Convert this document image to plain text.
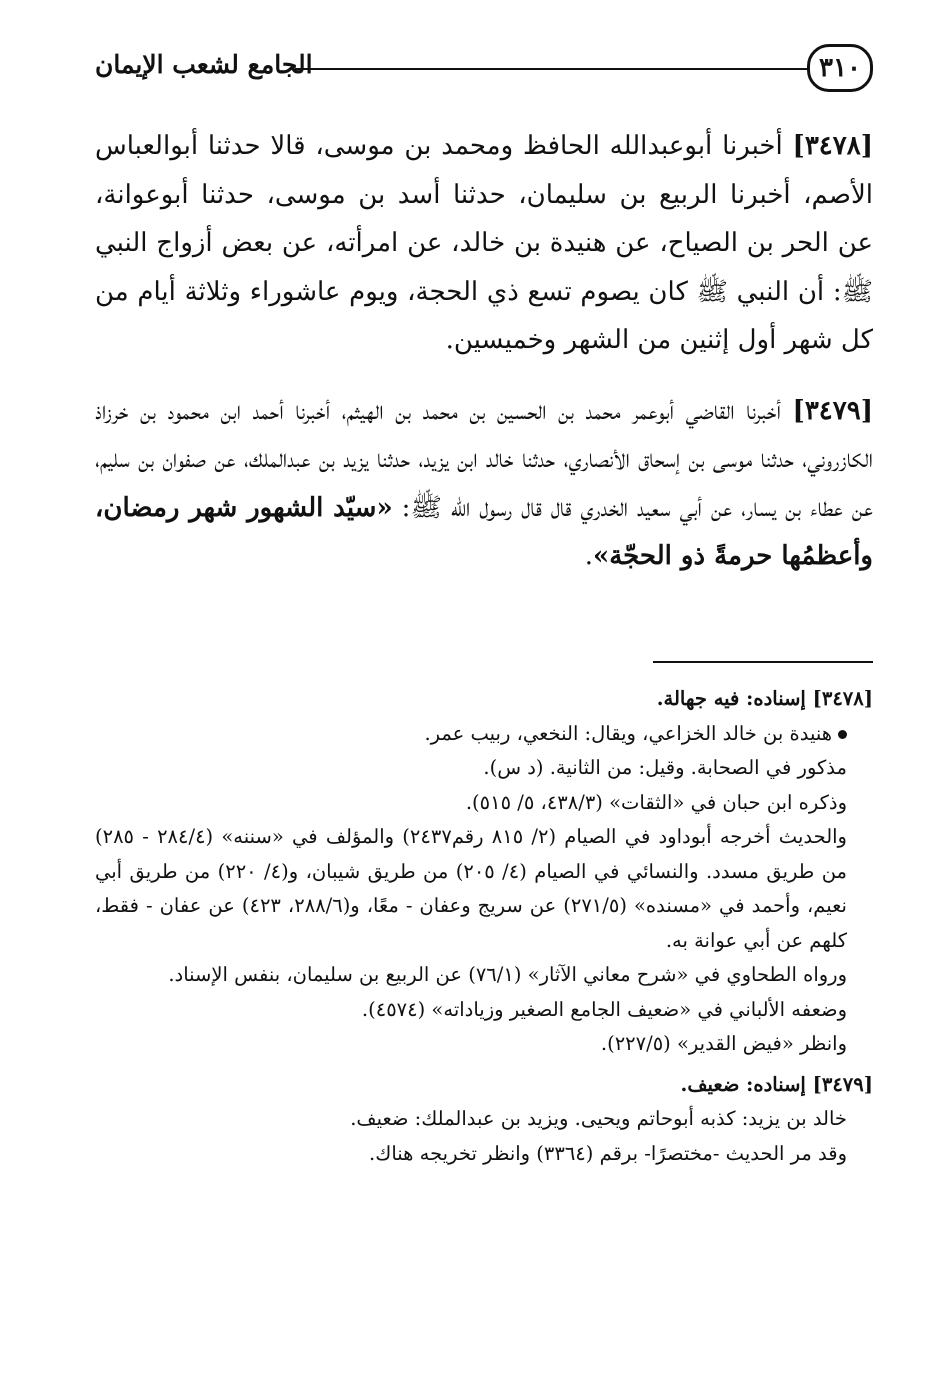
٣١٠
الجامع لشعب الإيمان

[٣٤٧٨] أخبرنا أبوعبدالله الحافظ ومحمد بن موسى، قالا حدثنا أبوالعباس الأصم، أخبرنا الربيع بن سليمان، حدثنا أسد بن موسى، حدثنا أبوعوانة، عن الحر بن الصياح، عن هنيدة بن خالد، عن امرأته، عن بعض أزواج النبي ﷺ: أن النبي ﷺ كان يصوم تسع ذي الحجة، ويوم عاشوراء وثلاثة أيام من كل شهر أول إثنين من الشهر وخميسين.

[٣٤٧٩] أخبرنا القاضي أبوعمر محمد بن الحسين بن محمد بن الهيثم، أخبرنا أحمد ابن محمود بن خرزاذ الكازروني، حدثنا موسى بن إسحاق الأنصاري، حدثنا خالد ابن يزيد، حدثنا يزيد بن عبدالملك، عن صفوان بن سليم، عن عطاء بن يسار، عن أبي سعيد الخدري قال قال رسول الله ﷺ: «سيّد الشهور شهر رمضان، وأعظمُها حرمةً ذو الحجّة».

[٣٤٧٨] إسناده: فيه جهالة.

هنيدة بن خالد الخزاعي، ويقال: النخعي، ربيب عمر.

مذكور في الصحابة. وقيل: من الثانية. (د س).

وذكره ابن حبان في «الثقات» (٤٣٨/٣، ٥/ ٥١٥).

والحديث أخرجه أبوداود في الصيام (٢/ ٨١٥ رقم٢٤٣٧) والمؤلف في «سننه» (٢٨٤/٤ - ٢٨٥) من طريق مسدد. والنسائي في الصيام (٤/ ٢٠٥) من طريق شيبان، و(٤/ ٢٢٠) من طريق أبي نعيم، وأحمد في «مسنده» (٢٧١/٥) عن سريج وعفان - معًا، و(٢٨٨/٦، ٤٢٣) عن عفان - فقط، كلهم عن أبي عوانة به.

ورواه الطحاوي في «شرح معاني الآثار» (٧٦/١) عن الربيع بن سليمان، بنفس الإسناد.

وضعفه الألباني في «ضعيف الجامع الصغير وزياداته» (٤٥٧٤).

وانظر «فيض القدير» (٢٢٧/٥).

[٣٤٧٩] إسناده: ضعيف.

خالد بن يزيد: كذبه أبوحاتم ويحيى. ويزيد بن عبدالملك: ضعيف.

وقد مر الحديث -مختصرًا- برقم (٣٣٦٤) وانظر تخريجه هناك.
